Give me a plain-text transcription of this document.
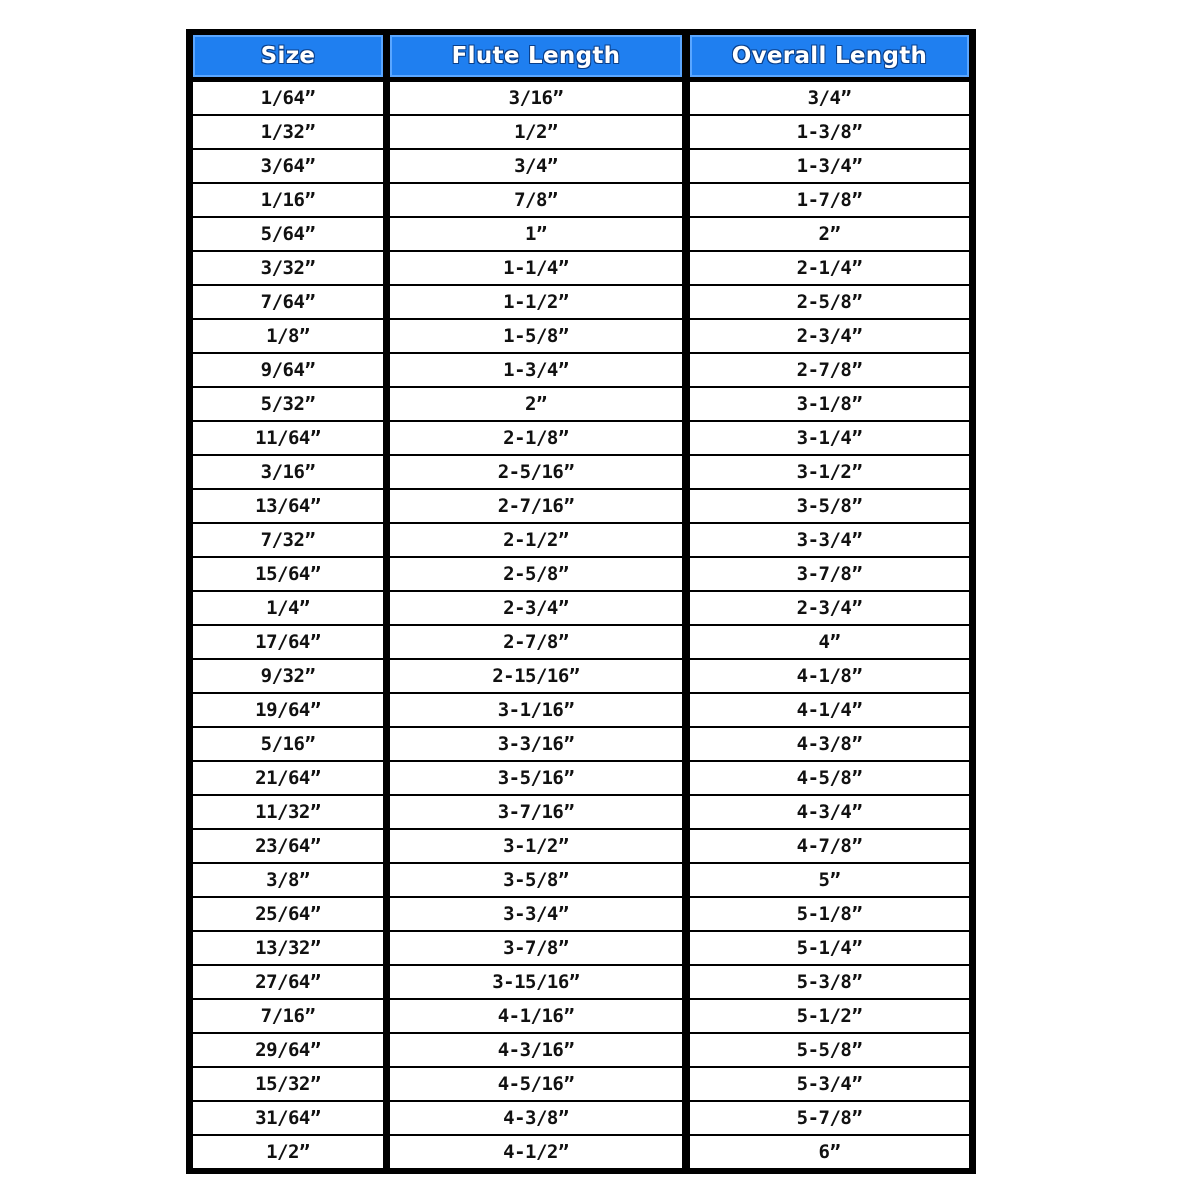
Size
1/64”
1/32”
3/64”
1/16”
5/64”
3/32”
7/64”
1/8”
9/64”
5/32”
11/64”
3/16”
13/64”
7/32”
15/64”
1/4”
17/64”
9/32”
19/64”
5/16”
21/64”
11/32”
23/64”
3/8”
25/64”
13/32”
27/64”
7/16”
29/64”
15/32”
31/64”
1/2”
Flute Length
3/16”
1/2”
3/4”
7/8”
1”
1-1/4”
1-1/2”
1-5/8”
1-3/4”
2”
2-1/8”
2-5/16”
2-7/16”
2-1/2”
2-5/8”
2-3/4”
2-7/8”
2-15/16”
3-1/16”
3-3/16”
3-5/16”
3-7/16”
3-1/2”
3-5/8”
3-3/4”
3-7/8”
3-15/16”
4-1/16”
4-3/16”
4-5/16”
4-3/8”
4-1/2”
Overall Length
3/4”
1-3/8”
1-3/4”
1-7/8”
2”
2-1/4”
2-5/8”
2-3/4”
2-7/8”
3-1/8”
3-1/4”
3-1/2”
3-5/8”
3-3/4”
3-7/8”
2-3/4”
4”
4-1/8”
4-1/4”
4-3/8”
4-5/8”
4-3/4”
4-7/8”
5”
5-1/8”
5-1/4”
5-3/8”
5-1/2”
5-5/8”
5-3/4”
5-7/8”
6”
